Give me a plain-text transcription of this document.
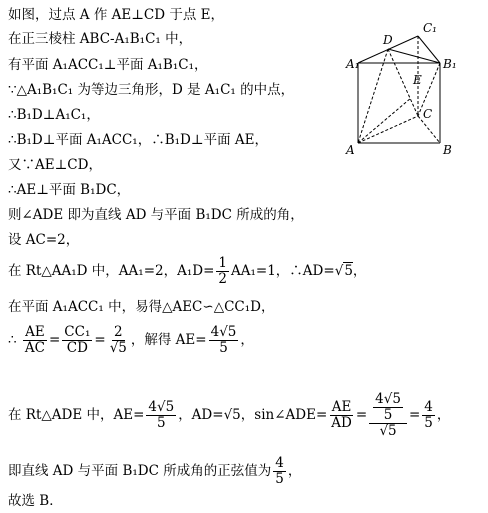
如图，过点 A 作 AE⊥CD 于点 E，
在正三棱柱 ABC-A₁B₁C₁ 中，
有平面 A₁ACC₁⊥平面 A₁B₁C₁，
∵△A₁B₁C₁ 为等边三角形，D 是 A₁C₁ 的中点，
∴B₁D⊥A₁C₁，
∴B₁D⊥平面 A₁ACC₁，∴B₁D⊥平面 AE，
又∵AE⊥CD，
∴AE⊥平面 B₁DC，
则∠ADE 即为直线 AD 与平面 B₁DC 所成的角，
设 AC=2，
在 Rt△AA₁D 中，AA₁=2，$A_1D= \frac{1}{2} AA_1=1$，∴AD=√5，
在平面 A₁ACC₁ 中，易得△AEC∽△CC₁D，
∴ $\frac{AE}{AC} = \frac{\text{CC₁}}{CD} = \frac{2}{√5}$ ，解得 $AE= \frac{4√5}{5}$ ，
在 Rt△ADE 中，$AE= \frac{4√5}{5}$ ，AD=√5，sin∠ADE= $\frac{AE}{AD} = \frac{\frac{4√5}{5}}{√5} = \frac{4}{5}$ ，
即直线 AD 与平面 B₁DC 所成角的正弦值为 $\frac{4}{5}$ ，
故选 B．
A₁	B₁
C₁
D
E
C
A	B
